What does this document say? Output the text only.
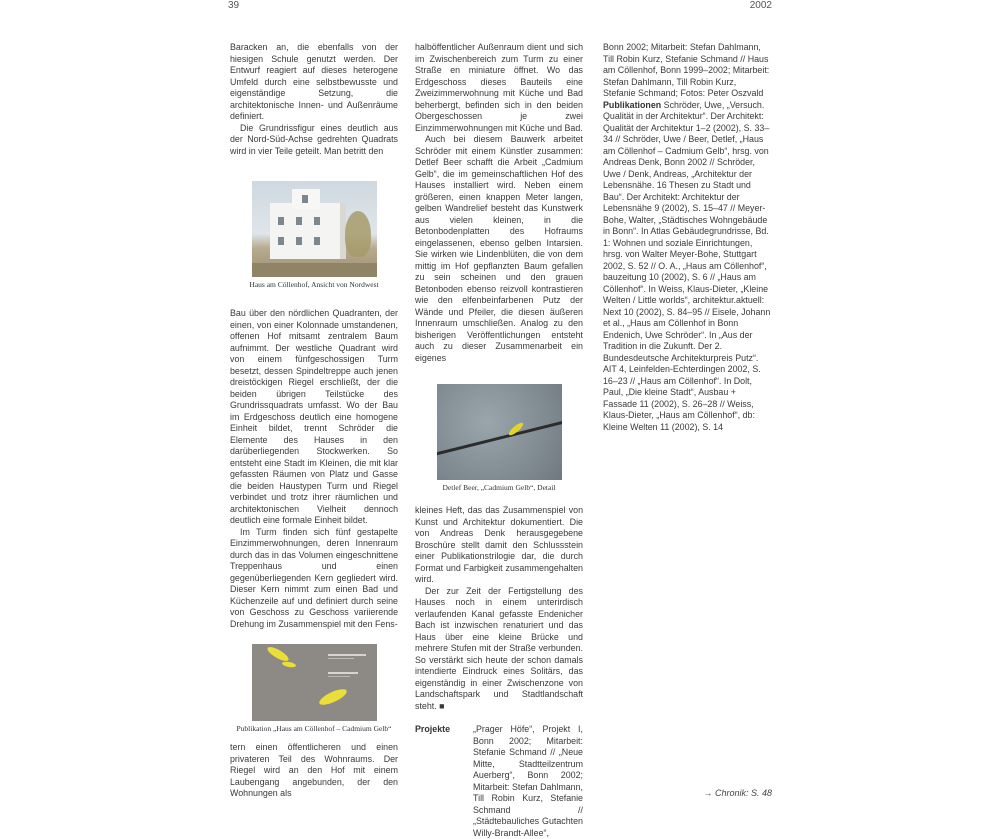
39	2002

Baracken an, die ebenfalls von der hiesigen Schule genutzt werden. Der Entwurf reagiert auf dieses heterogene Umfeld durch eine selbstbewusste und eigenständige Setzung, die architektonische Innen- und Außenräume definiert.

Die Grundrissfigur eines deutlich aus der Nord-Süd-Achse gedrehten Quadrats wird in vier Teile geteilt. Man betritt den

Haus am Cöllenhof, Ansicht von Nordwest

Bau über den nördlichen Quadranten, der einen, von einer Kolonnade umstandenen, offenen Hof mitsamt zentralem Baum aufnimmt. Der westliche Quadrant wird von einem fünfgeschossigen Turm besetzt, dessen Spindeltreppe auch jenen dreistöckigen Riegel erschließt, der die beiden übrigen Teilstücke des Grundrissquadrats umfasst. Wo der Bau im Erdgeschoss deutlich eine homogene Einheit bildet, trennt Schröder die Elemente des Hauses in den darüberliegenden Stockwerken. So entsteht eine Stadt im Kleinen, die mit klar gefassten Räumen von Platz und Gasse die beiden Haustypen Turm und Riegel verbindet und trotz ihrer räumlichen und architektonischen Vielheit dennoch deutlich eine formale Einheit bildet.

Im Turm finden sich fünf gestapelte Einzimmerwohnungen, deren Innenraum durch das in das Volumen eingeschnittene Treppenhaus und einen gegenüberliegenden Kern gegliedert wird. Dieser Kern nimmt zum einen Bad und Küchenzeile auf und definiert durch seine von Geschoss zu Geschoss variierende Drehung im Zusammenspiel mit den Fens-

Publikation „Haus am Cöllenhof – Cadmium Gelb“

tern einen öffentlicheren und einen privateren Teil des Wohnraums. Der Riegel wird an den Hof mit einem Laubengang angebunden, der den Wohnungen als

halböffentlicher Außenraum dient und sich im Zwischenbereich zum Turm zu einer Straße en miniature öffnet. Wo das Erdgeschoss dieses Bauteils eine Zweizimmerwohnung mit Küche und Bad beherbergt, befinden sich in den beiden Obergeschossen je zwei Einzimmerwohnungen mit Küche und Bad.

Auch bei diesem Bauwerk arbeitet Schröder mit einem Künstler zusammen: Detlef Beer schafft die Arbeit „Cadmium Gelb“, die im gemeinschaftlichen Hof des Hauses installiert wird. Neben einem größeren, einen knappen Meter langen, gelben Wandrelief besteht das Kunstwerk aus vielen kleinen, in die Betonbodenplatten des Hofraums eingelassenen, ebenso gelben Intarsien. Sie wirken wie Lindenblüten, die von dem mittig im Hof gepflanzten Baum gefallen zu sein scheinen und den grauen Betonboden ebenso reizvoll kontrastieren wie den elfenbeinfarbenen Putz der Wände und Pfeiler, die diesen äußeren Innenraum umschließen. Analog zu den bisherigen Veröffentlichungen entsteht auch zu dieser Zusammenarbeit ein eigenes

Detlef Beer, „Cadmium Gelb“, Detail

kleines Heft, das das Zusammenspiel von Kunst und Architektur dokumentiert. Die von Andreas Denk herausgegebene Broschüre stellt damit den Schlussstein einer Publikationstrilogie dar, die durch Format und Farbigkeit zusammengehalten wird.

Der zur Zeit der Fertigstellung des Hauses noch in einem unterirdisch verlaufenden Kanal gefasste Endenicher Bach ist inzwischen renaturiert und das Haus über eine kleine Brücke und mehrere Stufen mit der Straße verbunden. So verstärkt sich heute der schon damals intendierte Eindruck eines Solitärs, das eigenständig in einer Zwischenzone von Landschaftspark und Stadtlandschaft steht. ■

Projekte	„Prager Höfe“, Projekt I, Bonn 2002; Mitarbeit: Stefanie Schmand // „Neue Mitte, Stadtteilzentrum Auerberg“, Bonn 2002; Mitarbeit: Stefan Dahlmann, Till Robin Kurz, Stefanie Schmand // „Städtebauliches Gutachten Willy-Brandt-Allee“,

Bonn 2002; Mitarbeit: Stefan Dahlmann, Till Robin Kurz, Stefanie Schmand // Haus am Cöllenhof, Bonn 1999–2002; Mitarbeit: Stefan Dahlmann, Till Robin Kurz, Stefanie Schmand; Fotos: Peter Oszvald

Publikationen Schröder, Uwe, „Versuch. Qualität in der Architektur“. Der Architekt: Qualität der Architektur 1–2 (2002), S. 33–34 // Schröder, Uwe / Beer, Detlef, „Haus am Cöllenhof – Cadmium Gelb“, hrsg. von Andreas Denk, Bonn 2002 // Schröder, Uwe / Denk, Andreas, „Architektur der Lebensnähe. 16 Thesen zu Stadt und Bau“. Der Architekt: Architektur der Lebensnähe 9 (2002), S. 15–47 // Meyer-Bohe, Walter, „Städtisches Wohngebäude in Bonn“. In Atlas Gebäudegrundrisse, Bd. 1: Wohnen und soziale Einrichtungen, hrsg. von Walter Meyer-Bohe, Stuttgart 2002, S. 52 // O. A., „Haus am Cöllenhof“, bauzeitung 10 (2002), S. 6 // „Haus am Cöllenhof“. In Weiss, Klaus-Dieter, „Kleine Welten / Little worlds“, architektur.aktuell: Next 10 (2002), S. 84–95 // Eisele, Johann et al., „Haus am Cöllenhof in Bonn Endenich, Uwe Schröder“. In „Aus der Tradition in die Zukunft. Der 2. Bundesdeutsche Architekturpreis Putz“. AIT 4, Leinfelden-Echterdingen 2002, S. 16–23 // „Haus am Cöllenhof“. In Dolt, Paul, „Die kleine Stadt“, Ausbau + Fassade 11 (2002), S. 26–28 // Weiss, Klaus-Dieter, „Haus am Cöllenhof“, db: Kleine Welten 11 (2002), S. 14

→ Chronik: S. 48
